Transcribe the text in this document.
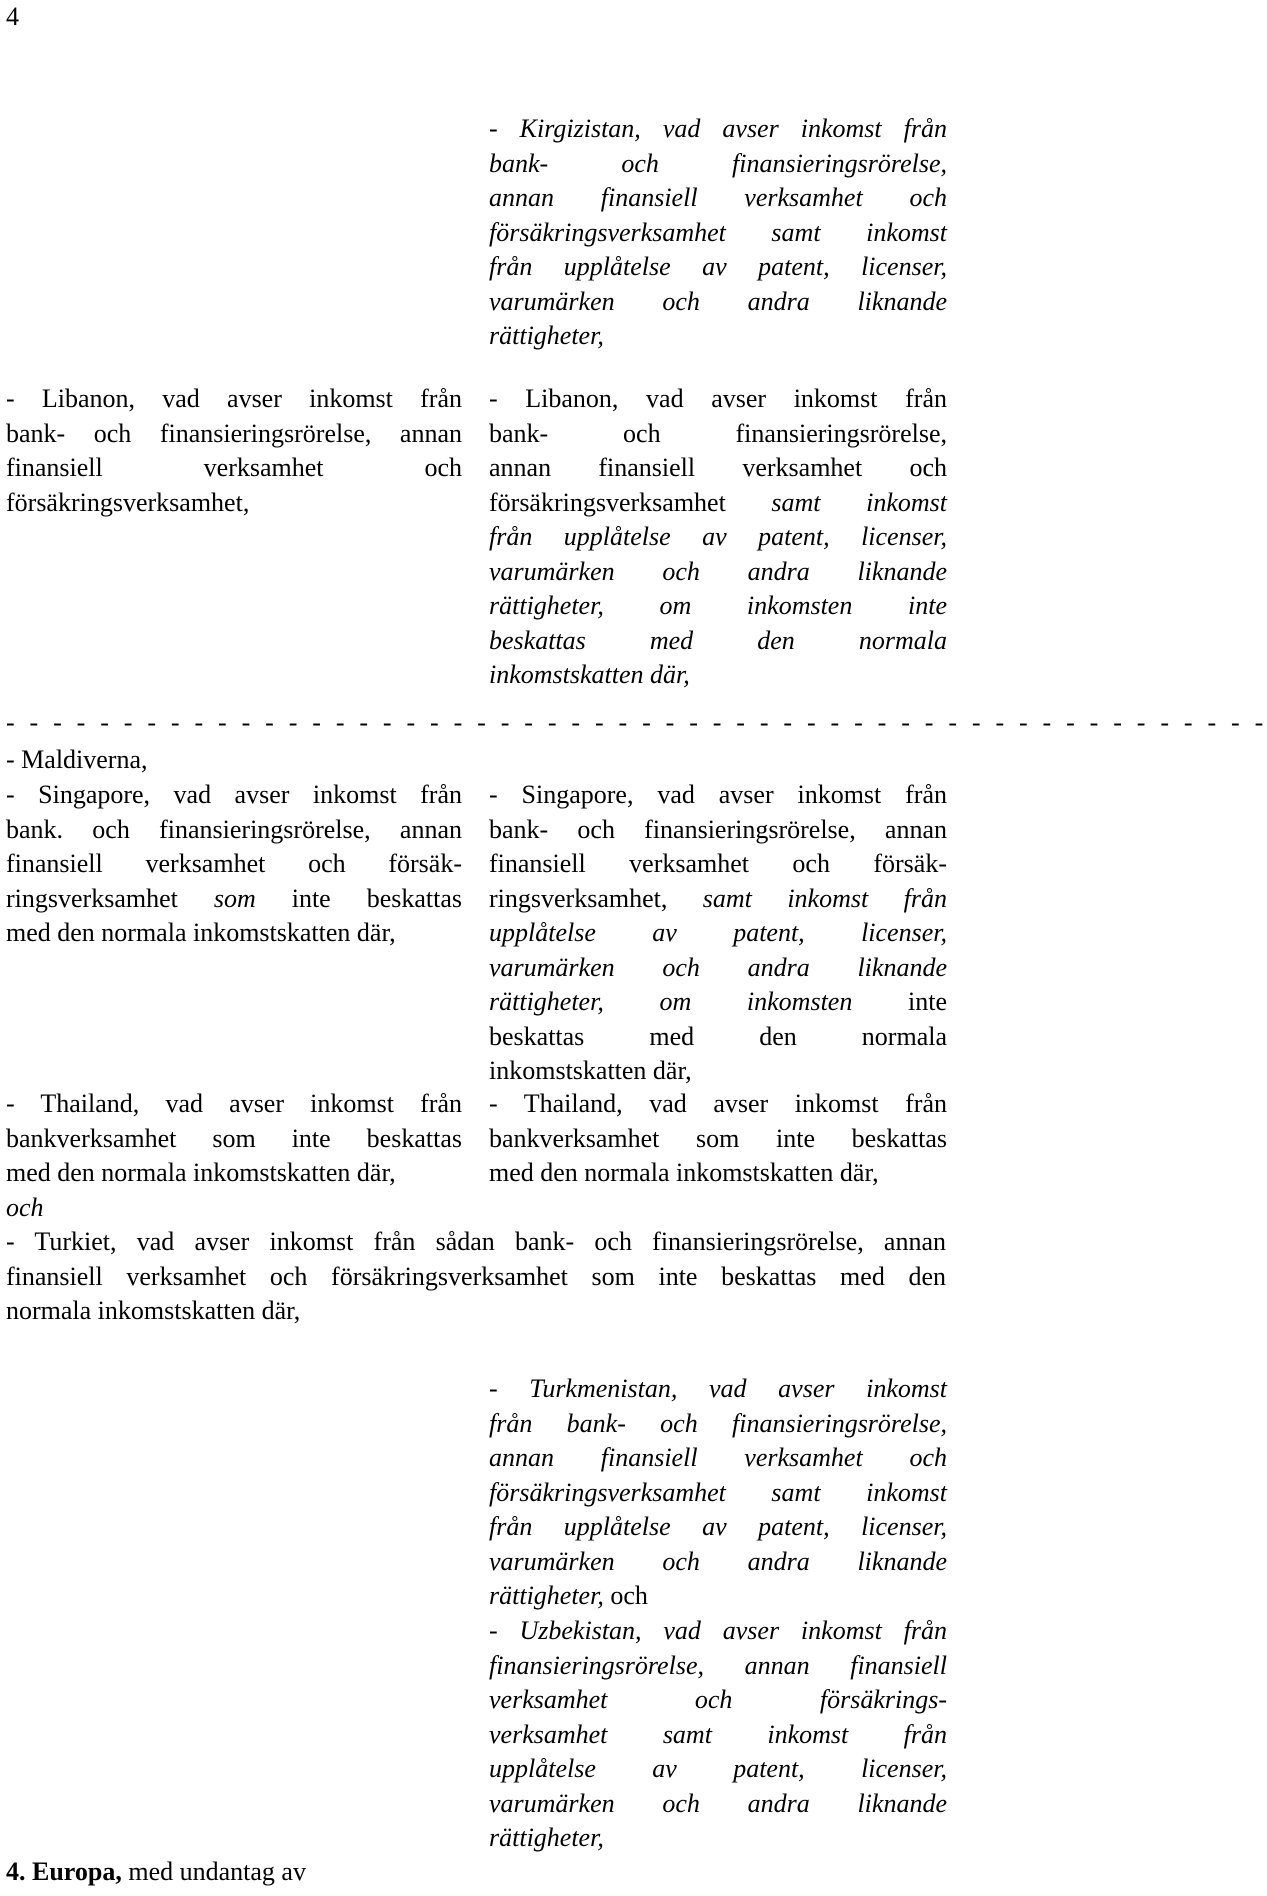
4
- Kirgizistan, vad avser inkomst från
bank- och finansieringsrörelse,
annan finansiell verksamhet och
försäkringsverksamhet samt inkomst
från upplåtelse av patent, licenser,
varumärken och andra liknande
rättigheter,
- Libanon, vad avser inkomst från
bank- och finansieringsrörelse, annan
finansiell verksamhet och
försäkringsverksamhet,
- Libanon, vad avser inkomst från
bank- och finansieringsrörelse,
annan finansiell verksamhet och
försäkringsverksamhet samt inkomst
från upplåtelse av patent, licenser,
varumärken och andra liknande
rättigheter, om inkomsten inte
beskattas med den normala
inkomstskatten där,
- - - - - - - - - - - - - - - - - - - - - - - - - - - - - - - - - - - - - - - - - - - - - - - - - - - - - -
- Maldiverna,
- Singapore, vad avser inkomst från
bank. och finansieringsrörelse, annan
finansiell verksamhet och försäk-
ringsverksamhet som inte beskattas
med den normala inkomstskatten där,
- Singapore, vad avser inkomst från
bank- och finansieringsrörelse, annan
finansiell verksamhet och försäk-
ringsverksamhet, samt inkomst från
upplåtelse av patent, licenser,
varumärken och andra liknande
rättigheter, om inkomsten inte
beskattas med den normala
inkomstskatten där,
- Thailand, vad avser inkomst från
bankverksamhet som inte beskattas
med den normala inkomstskatten där,
och
- Thailand, vad avser inkomst från
bankverksamhet som inte beskattas
med den normala inkomstskatten där,
- Turkiet, vad avser inkomst från sådan bank- och finansieringsrörelse, annan
finansiell verksamhet och försäkringsverksamhet som inte beskattas med den
normala inkomstskatten där,
- Turkmenistan, vad avser inkomst
från bank- och finansieringsrörelse,
annan finansiell verksamhet och
försäkringsverksamhet samt inkomst
från upplåtelse av patent, licenser,
varumärken och andra liknande
rättigheter, och
- Uzbekistan, vad avser inkomst från
finansieringsrörelse, annan finansiell
verksamhet och försäkrings-
verksamhet samt inkomst från
upplåtelse av patent, licenser,
varumärken och andra liknande
rättigheter,
4. Europa, med undantag av
